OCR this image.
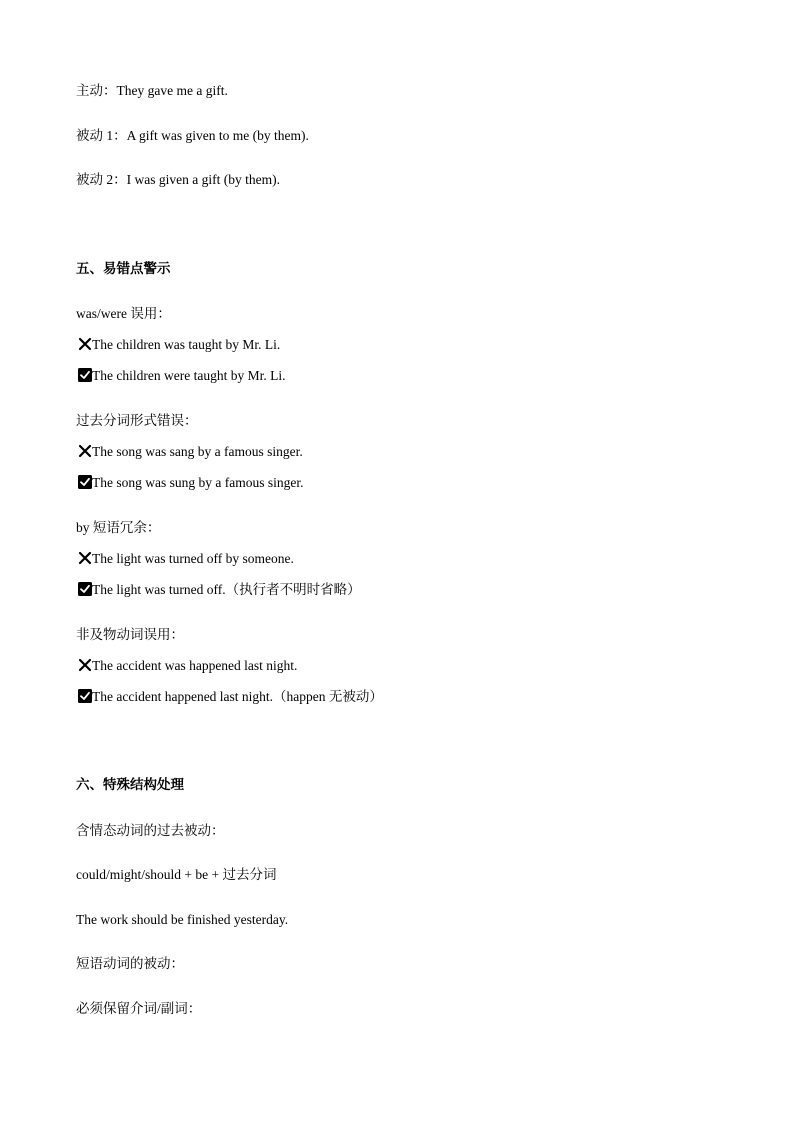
主动：They gave me a gift.
被动 1：A gift was given to me (by them).
被动 2：I was given a gift (by them).
五、易错点警示
was/were 误用：
The children was taught by Mr. Li.
The children were taught by Mr. Li.
过去分词形式错误：
The song was sang by a famous singer.
The song was sung by a famous singer.
by 短语冗余：
The light was turned off by someone.
The light was turned off.（执行者不明时省略）
非及物动词误用：
The accident was happened last night.
The accident happened last night.（happen 无被动）
六、特殊结构处理
含情态动词的过去被动：
could/might/should + be + 过去分词
The work should be finished yesterday.
短语动词的被动：
必须保留介词/副词：
